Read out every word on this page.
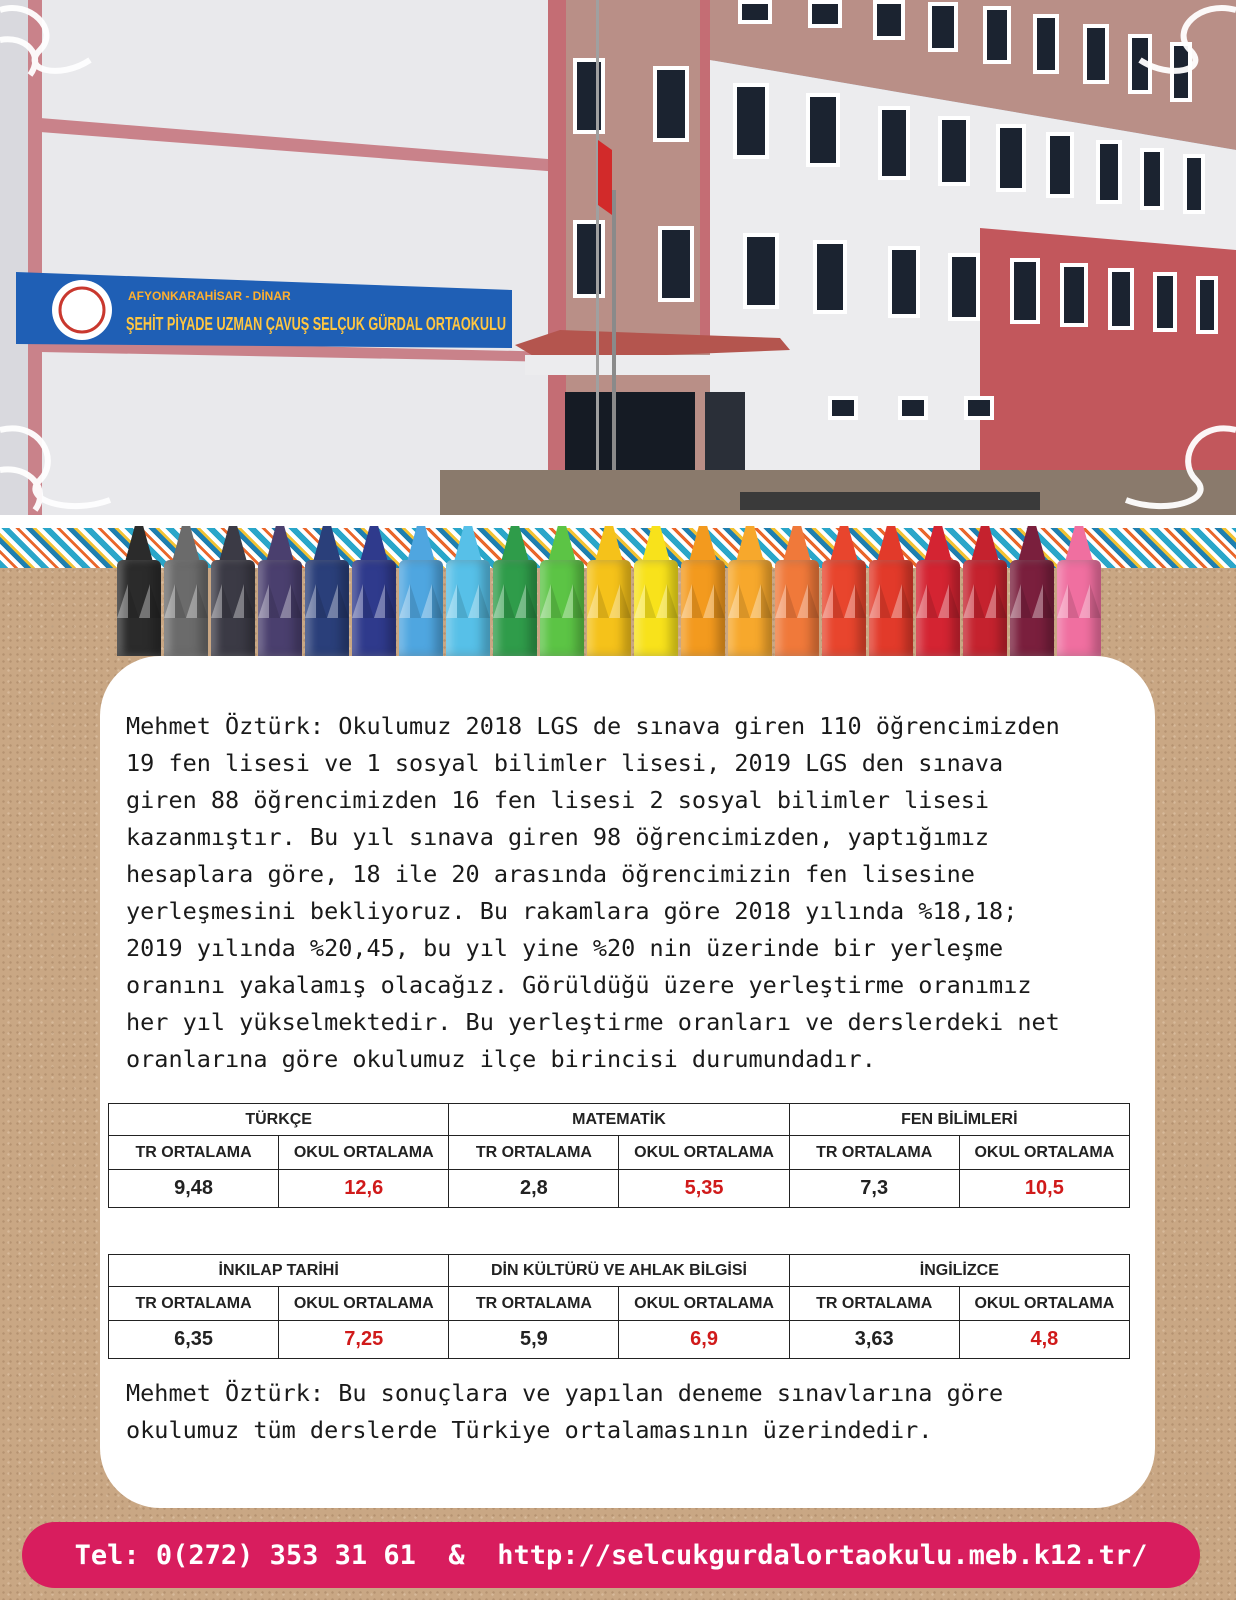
AFYONKARAHİSAR - DİNAR
ŞEHİT PİYADE UZMAN ÇAVUŞ SELÇUK GÜRDAL ORTAOKULU

Mehmet Öztürk: Okulumuz 2018 LGS de sınava giren 110 öğrencimizden
19 fen lisesi ve 1 sosyal bilimler lisesi, 2019 LGS den sınava
giren 88 öğrencimizden 16 fen lisesi 2 sosyal bilimler lisesi
kazanmıştır. Bu yıl sınava giren 98 öğrencimizden, yaptığımız
hesaplara göre, 18 ile 20 arasında öğrencimizin fen lisesine
yerleşmesini bekliyoruz. Bu rakamlara göre 2018 yılında %18,18;
2019 yılında %20,45, bu yıl yine %20 nin üzerinde bir yerleşme
oranını yakalamış olacağız. Görüldüğü üzere yerleştirme oranımız
her yıl yükselmektedir. Bu yerleştirme oranları ve derslerdeki net
oranlarına göre okulumuz ilçe birincisi durumundadır.

TÜRKÇE		MATEMATİK		FEN BİLİMLERİ	
TR ORTALAMA	OKUL ORTALAMA	TR ORTALAMA	OKUL ORTALAMA	TR ORTALAMA	OKUL ORTALAMA
9,48	12,6	2,8	5,35	7,3	10,5
İNKILAP TARİHİ		DİN KÜLTÜRÜ VE AHLAK BİLGİSİ		İNGİLİZCE	
TR ORTALAMA	OKUL ORTALAMA	TR ORTALAMA	OKUL ORTALAMA	TR ORTALAMA	OKUL ORTALAMA
6,35	7,25	5,9	6,9	3,63	4,8

Mehmet Öztürk: Bu sonuçlara ve yapılan deneme sınavlarına göre
okulumuz tüm derslerde Türkiye ortalamasının üzerindedir.

Tel: 0(272) 353 31 61  &  http://selcukgurdalortaokulu.meb.k12.tr/
